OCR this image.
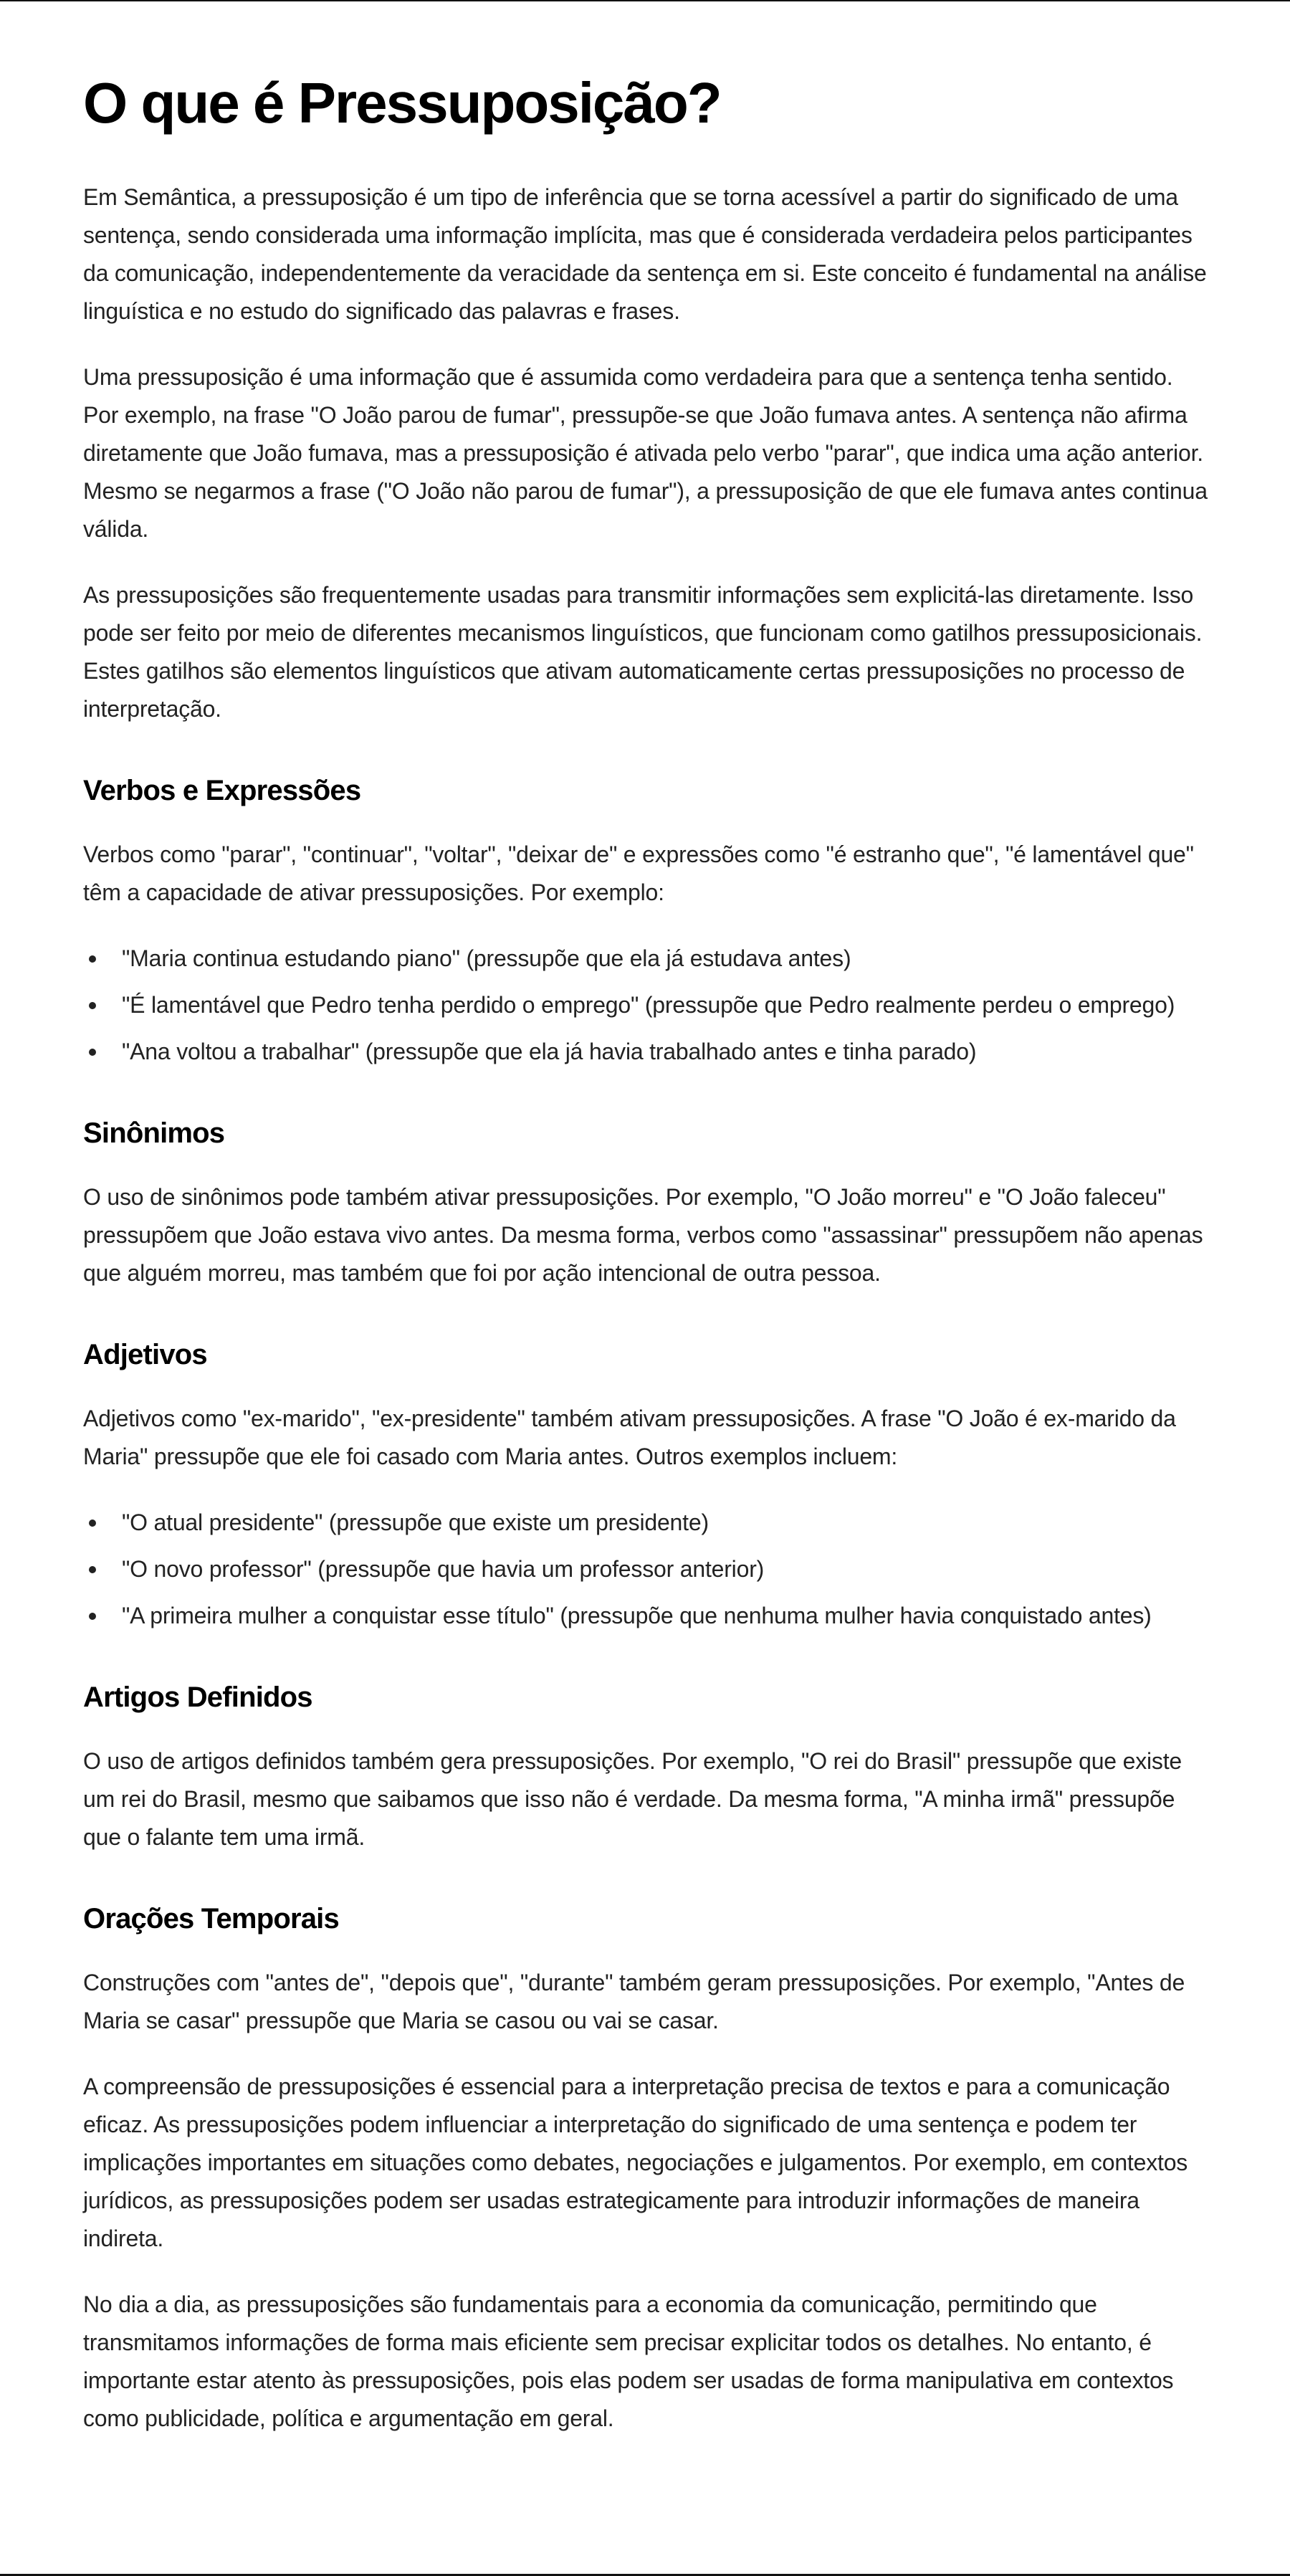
O que é Pressuposição?

Em Semântica, a pressuposição é um tipo de inferência que se torna acessível a partir do significado de uma sentença, sendo considerada uma informação implícita, mas que é considerada verdadeira pelos participantes da comunicação, independentemente da veracidade da sentença em si. Este conceito é fundamental na análise linguística e no estudo do significado das palavras e frases.

Uma pressuposição é uma informação que é assumida como verdadeira para que a sentença tenha sentido. Por exemplo, na frase "O João parou de fumar", pressupõe-se que João fumava antes. A sentença não afirma diretamente que João fumava, mas a pressuposição é ativada pelo verbo "parar", que indica uma ação anterior. Mesmo se negarmos a frase ("O João não parou de fumar"), a pressuposição de que ele fumava antes continua válida.

As pressuposições são frequentemente usadas para transmitir informações sem explicitá-las diretamente. Isso pode ser feito por meio de diferentes mecanismos linguísticos, que funcionam como gatilhos pressuposicionais. Estes gatilhos são elementos linguísticos que ativam automaticamente certas pressuposições no processo de interpretação.

Verbos e Expressões

Verbos como "parar", "continuar", "voltar", "deixar de" e expressões como "é estranho que", "é lamentável que" têm a capacidade de ativar pressuposições. Por exemplo:

"Maria continua estudando piano" (pressupõe que ela já estudava antes)
"É lamentável que Pedro tenha perdido o emprego" (pressupõe que Pedro realmente perdeu o emprego)
"Ana voltou a trabalhar" (pressupõe que ela já havia trabalhado antes e tinha parado)
Sinônimos

O uso de sinônimos pode também ativar pressuposições. Por exemplo, "O João morreu" e "O João faleceu" pressupõem que João estava vivo antes. Da mesma forma, verbos como "assassinar" pressupõem não apenas que alguém morreu, mas também que foi por ação intencional de outra pessoa.

Adjetivos

Adjetivos como "ex-marido", "ex-presidente" também ativam pressuposições. A frase "O João é ex-marido da Maria" pressupõe que ele foi casado com Maria antes. Outros exemplos incluem:

"O atual presidente" (pressupõe que existe um presidente)
"O novo professor" (pressupõe que havia um professor anterior)
"A primeira mulher a conquistar esse título" (pressupõe que nenhuma mulher havia conquistado antes)
Artigos Definidos

O uso de artigos definidos também gera pressuposições. Por exemplo, "O rei do Brasil" pressupõe que existe um rei do Brasil, mesmo que saibamos que isso não é verdade. Da mesma forma, "A minha irmã" pressupõe que o falante tem uma irmã.

Orações Temporais

Construções com "antes de", "depois que", "durante" também geram pressuposições. Por exemplo, "Antes de Maria se casar" pressupõe que Maria se casou ou vai se casar.

A compreensão de pressuposições é essencial para a interpretação precisa de textos e para a comunicação eficaz. As pressuposições podem influenciar a interpretação do significado de uma sentença e podem ter implicações importantes em situações como debates, negociações e julgamentos. Por exemplo, em contextos jurídicos, as pressuposições podem ser usadas estrategicamente para introduzir informações de maneira indireta.

No dia a dia, as pressuposições são fundamentais para a economia da comunicação, permitindo que transmitamos informações de forma mais eficiente sem precisar explicitar todos os detalhes. No entanto, é importante estar atento às pressuposições, pois elas podem ser usadas de forma manipulativa em contextos como publicidade, política e argumentação em geral.
